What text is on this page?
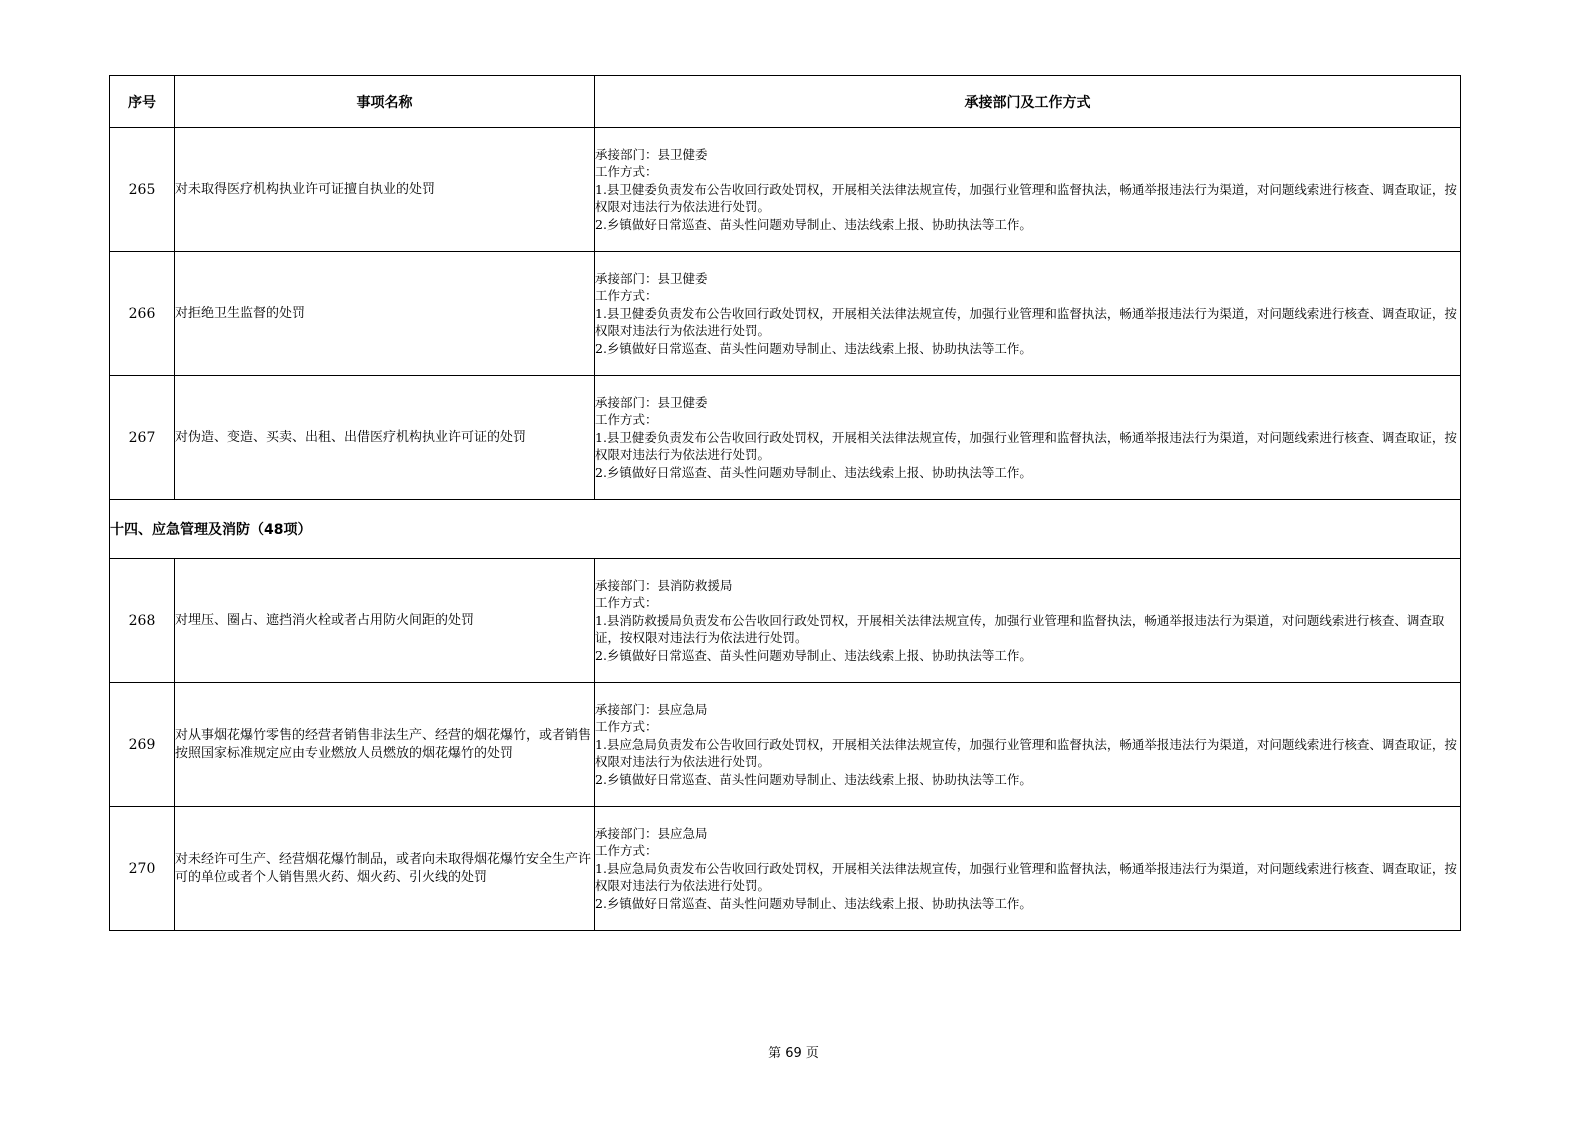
序号	事项名称	承接部门及工作方式
265	对未取得医疗机构执业许可证擅自执业的处罚	承接部门：县卫健委
工作方式：
1.县卫健委负责发布公告收回行政处罚权，开展相关法律法规宣传，加强行业管理和监督执法，畅通举报违法行为渠道，对问题线索进行核查、调查取证，按权限对违法行为依法进行处罚。
2.乡镇做好日常巡查、苗头性问题劝导制止、违法线索上报、协助执法等工作。

266	对拒绝卫生监督的处罚	承接部门：县卫健委
工作方式：
1.县卫健委负责发布公告收回行政处罚权，开展相关法律法规宣传，加强行业管理和监督执法，畅通举报违法行为渠道，对问题线索进行核查、调查取证，按权限对违法行为依法进行处罚。
2.乡镇做好日常巡查、苗头性问题劝导制止、违法线索上报、协助执法等工作。

267	对伪造、变造、买卖、出租、出借医疗机构执业许可证的处罚	承接部门：县卫健委
工作方式：
1.县卫健委负责发布公告收回行政处罚权，开展相关法律法规宣传，加强行业管理和监督执法，畅通举报违法行为渠道，对问题线索进行核查、调查取证，按权限对违法行为依法进行处罚。
2.乡镇做好日常巡查、苗头性问题劝导制止、违法线索上报、协助执法等工作。

十四、应急管理及消防（48项）		
268	对埋压、圈占、遮挡消火栓或者占用防火间距的处罚	承接部门：县消防救援局
工作方式：
1.县消防救援局负责发布公告收回行政处罚权，开展相关法律法规宣传，加强行业管理和监督执法，畅通举报违法行为渠道，对问题线索进行核查、调查取证，按权限对违法行为依法进行处罚。
2.乡镇做好日常巡查、苗头性问题劝导制止、违法线索上报、协助执法等工作。

269	对从事烟花爆竹零售的经营者销售非法生产、经营的烟花爆竹，或者销售按照国家标准规定应由专业燃放人员燃放的烟花爆竹的处罚	承接部门：县应急局
工作方式：
1.县应急局负责发布公告收回行政处罚权，开展相关法律法规宣传，加强行业管理和监督执法，畅通举报违法行为渠道，对问题线索进行核查、调查取证，按权限对违法行为依法进行处罚。
2.乡镇做好日常巡查、苗头性问题劝导制止、违法线索上报、协助执法等工作。

270	对未经许可生产、经营烟花爆竹制品，或者向未取得烟花爆竹安全生产许可的单位或者个人销售黑火药、烟火药、引火线的处罚	承接部门：县应急局
工作方式：
1.县应急局负责发布公告收回行政处罚权，开展相关法律法规宣传，加强行业管理和监督执法，畅通举报违法行为渠道，对问题线索进行核查、调查取证，按权限对违法行为依法进行处罚。
2.乡镇做好日常巡查、苗头性问题劝导制止、违法线索上报、协助执法等工作。
第 69 页
